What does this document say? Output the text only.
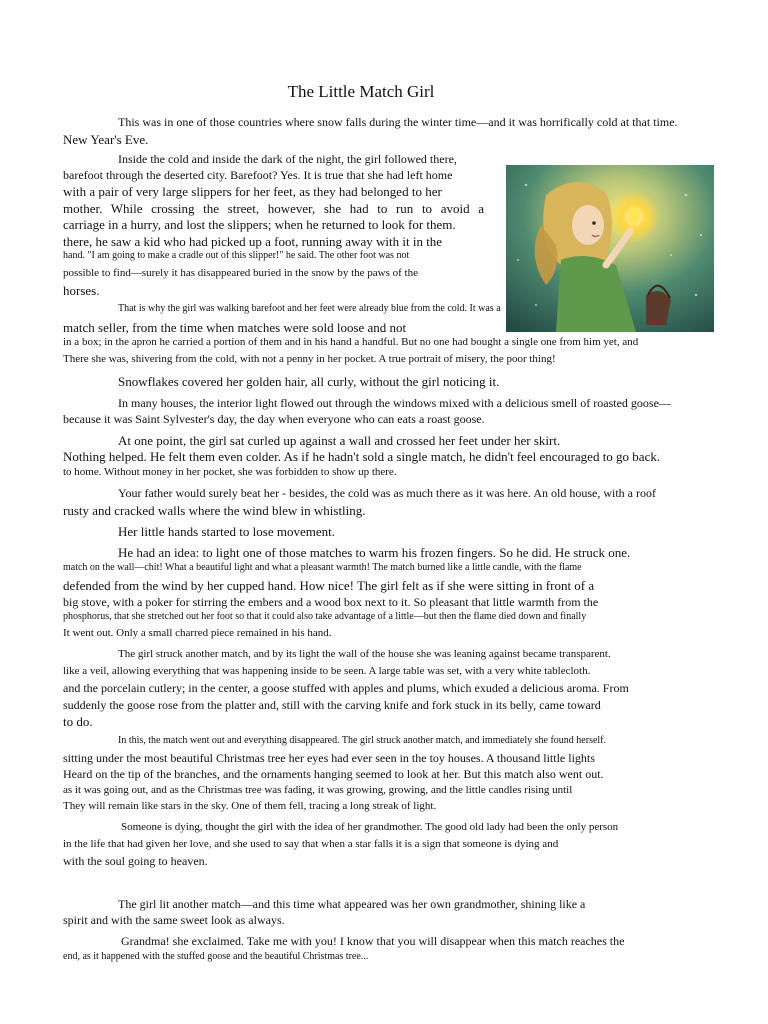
The Little Match Girl
This was in one of those countries where snow falls during the winter time—and it was horrifically cold at that time.
New Year's Eve.
Inside the cold and inside the dark of the night, the girl followed there,
barefoot through the deserted city. Barefoot? Yes. It is true that she had left home
with a pair of very large slippers for her feet, as they had belonged to her
mother. While crossing the street, however, she had to run to avoid a
carriage in a hurry, and lost the slippers; when he returned to look for them.
there, he saw a kid who had picked up a foot, running away with it in the
hand. "I am going to make a cradle out of this slipper!" he said. The other foot was not
possible to find—surely it has disappeared buried in the snow by the paws of the
horses.
That is why the girl was walking barefoot and her feet were already blue from the cold. It was a
match seller, from the time when matches were sold loose and not
in a box; in the apron he carried a portion of them and in his hand a handful. But no one had bought a single one from him yet, and
There she was, shivering from the cold, with not a penny in her pocket. A true portrait of misery, the poor thing!
Snowflakes covered her golden hair, all curly, without the girl noticing it.
In many houses, the interior light flowed out through the windows mixed with a delicious smell of roasted goose—
because it was Saint Sylvester's day, the day when everyone who can eats a roast goose.
At one point, the girl sat curled up against a wall and crossed her feet under her skirt.
Nothing helped. He felt them even colder. As if he hadn't sold a single match, he didn't feel encouraged to go back.
to home. Without money in her pocket, she was forbidden to show up there.
Your father would surely beat her - besides, the cold was as much there as it was here. An old house, with a roof
rusty and cracked walls where the wind blew in whistling.
Her little hands started to lose movement.
He had an idea: to light one of those matches to warm his frozen fingers. So he did. He struck one.
match on the wall—chit! What a beautiful light and what a pleasant warmth! The match burned like a little candle, with the flame
defended from the wind by her cupped hand. How nice! The girl felt as if she were sitting in front of a
big stove, with a poker for stirring the embers and a wood box next to it. So pleasant that little warmth from the
phosphorus, that she stretched out her foot so that it could also take advantage of a little—but then the flame died down and finally
It went out. Only a small charred piece remained in his hand.
The girl struck another match, and by its light the wall of the house she was leaning against became transparent.
like a veil, allowing everything that was happening inside to be seen. A large table was set, with a very white tablecloth.
and the porcelain cutlery; in the center, a goose stuffed with apples and plums, which exuded a delicious aroma. From
suddenly the goose rose from the platter and, still with the carving knife and fork stuck in its belly, came toward
to do.
In this, the match went out and everything disappeared. The girl struck another match, and immediately she found herself.
sitting under the most beautiful Christmas tree her eyes had ever seen in the toy houses. A thousand little lights
Heard on the tip of the branches, and the ornaments hanging seemed to look at her. But this match also went out.
as it was going out, and as the Christmas tree was fading, it was growing, growing, and the little candles rising until
They will remain like stars in the sky. One of them fell, tracing a long streak of light.
Someone is dying, thought the girl with the idea of her grandmother. The good old lady had been the only person
in the life that had given her love, and she used to say that when a star falls it is a sign that someone is dying and
with the soul going to heaven.
The girl lit another match—and this time what appeared was her own grandmother, shining like a
spirit and with the same sweet look as always.
Grandma! she exclaimed. Take me with you! I know that you will disappear when this match reaches the
end, as it happened with the stuffed goose and the beautiful Christmas tree...
